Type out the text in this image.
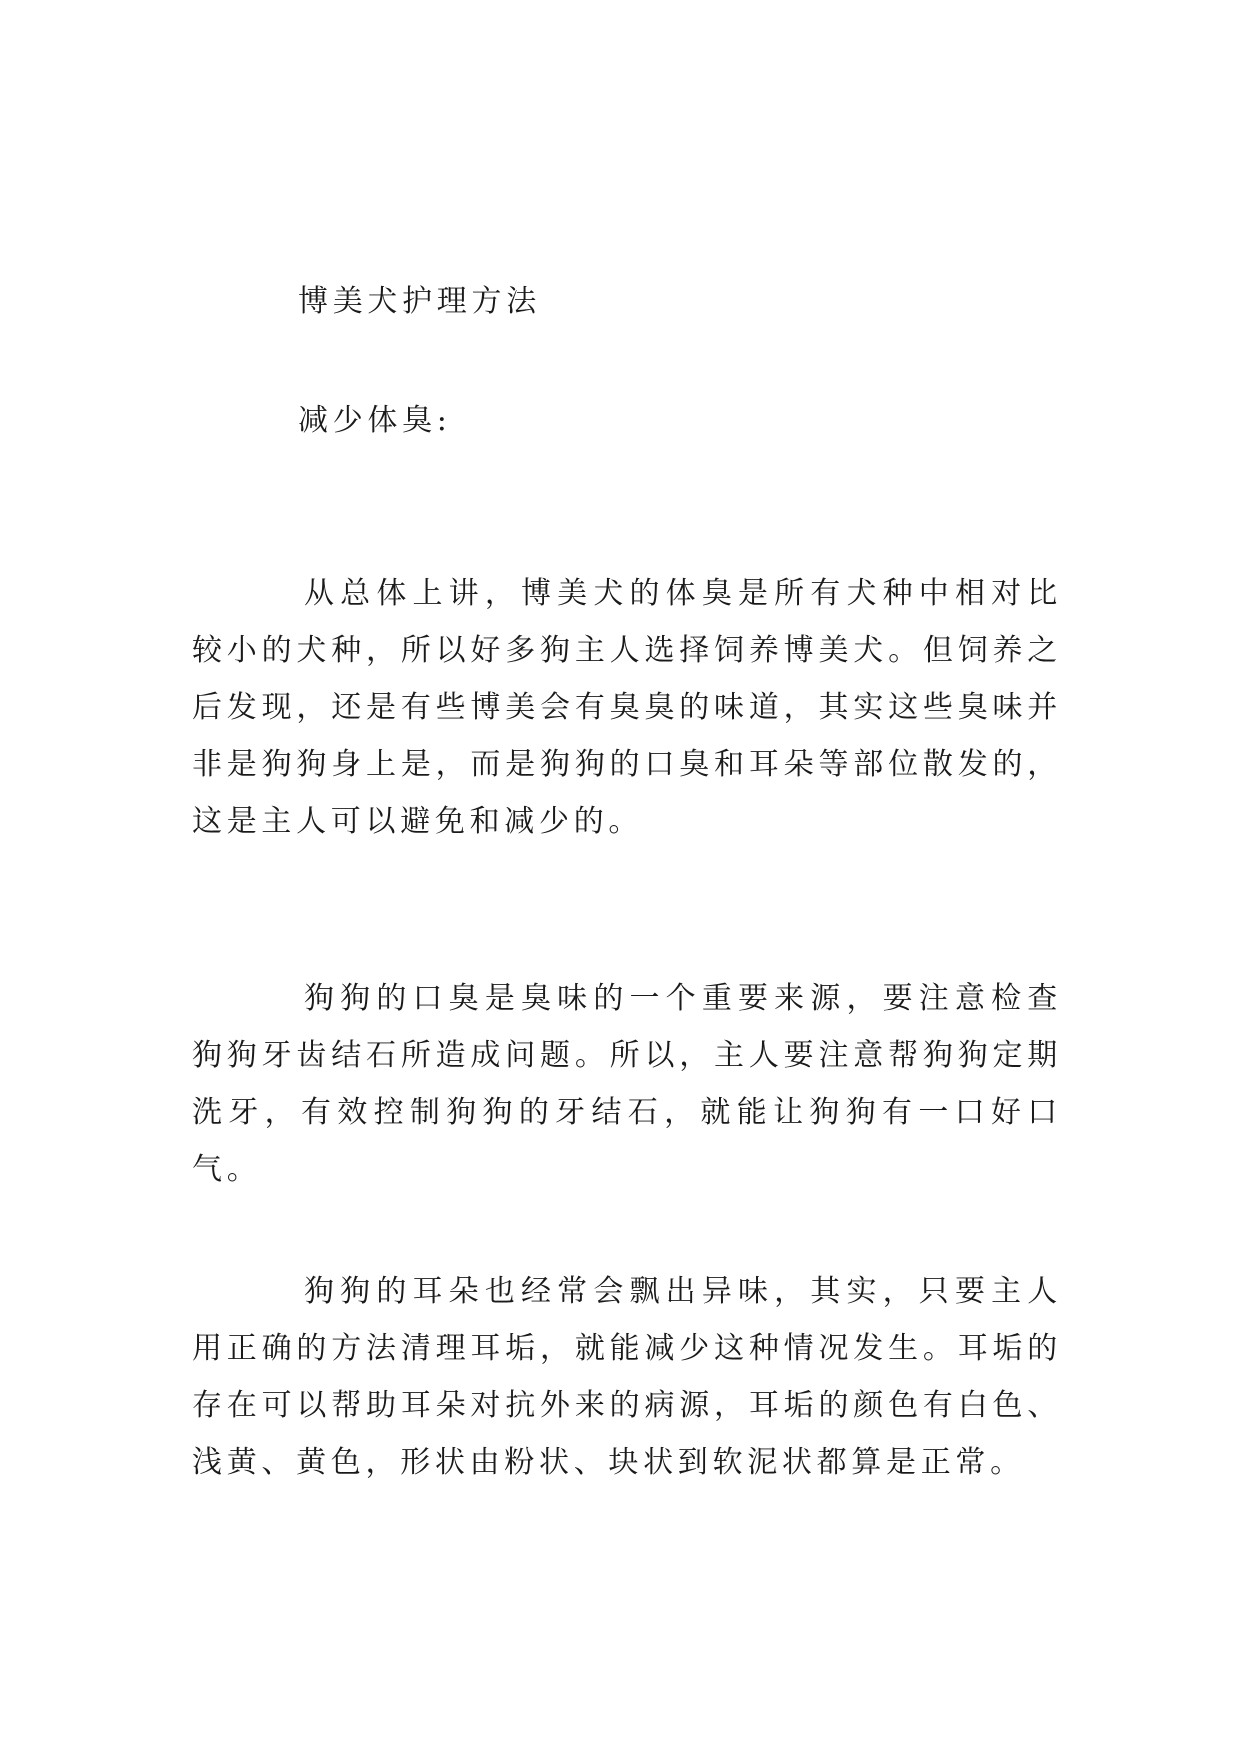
博美犬护理方法
减少体臭:

从总体上讲，博美犬的体臭是所有犬种中相对比较小的犬种，所以好多狗主人选择饲养博美犬。但饲养之后发现，还是有些博美会有臭臭的味道，其实这些臭味并非是狗狗身上是，而是狗狗的口臭和耳朵等部位散发的，这是主人可以避免和减少的。

狗狗的口臭是臭味的一个重要来源，要注意检查狗狗牙齿结石所造成问题。所以，主人要注意帮狗狗定期洗牙，有效控制狗狗的牙结石，就能让狗狗有一口好口气。

狗狗的耳朵也经常会飘出异味，其实，只要主人用正确的方法清理耳垢，就能减少这种情况发生。耳垢的存在可以帮助耳朵对抗外来的病源，耳垢的颜色有白色、浅黄、黄色，形状由粉状、块状到软泥状都算是正常。
